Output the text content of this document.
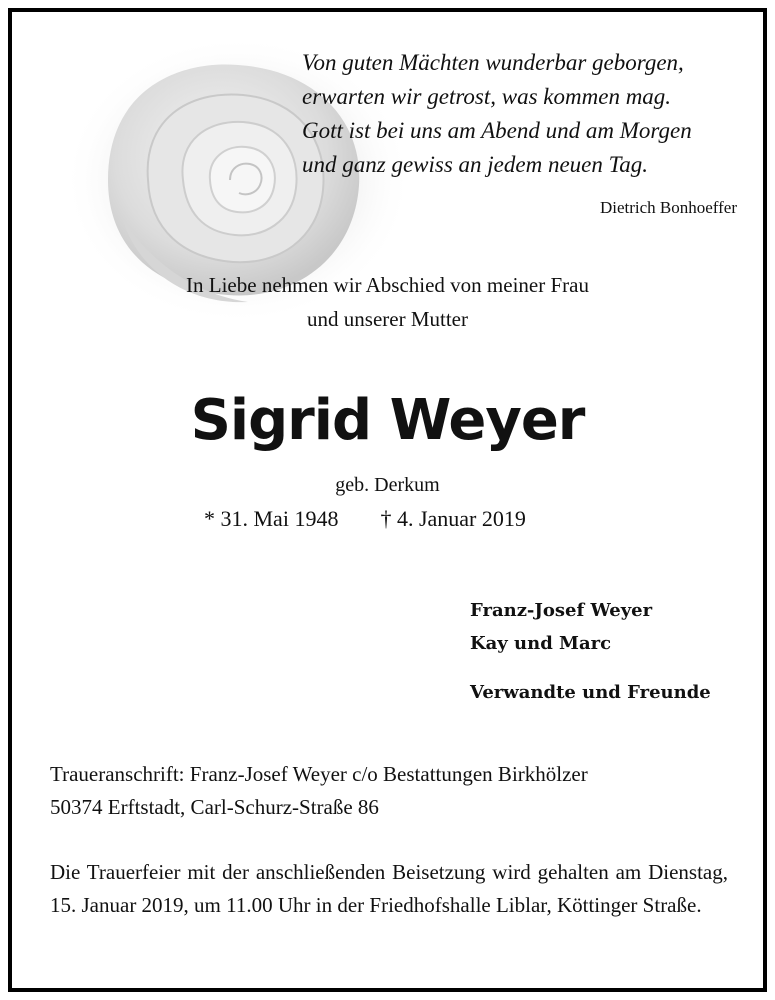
Von guten Mächten wunderbar geborgen,
erwarten wir getrost, was kommen mag.
Gott ist bei uns am Abend und am Morgen
und ganz gewiss an jedem neuen Tag.

Dietrich Bonhoeffer
In Liebe nehmen wir Abschied von meiner Frau
und unserer Mutter
Sigrid Weyer
geb. Derkum
* 31. Mai 1948 † 4. Januar 2019
Franz-Josef Weyer
Kay und Marc
Verwandte und Freunde
Traueranschrift: Franz-Josef Weyer c/o Bestattungen Birkhölzer
50374 Erftstadt, Carl-Schurz-Straße 86
Die Trauerfeier mit der anschließenden Beisetzung wird gehalten am Dienstag, 15. Januar 2019, um 11.00 Uhr in der Friedhofshalle Liblar, Köttinger Straße.
